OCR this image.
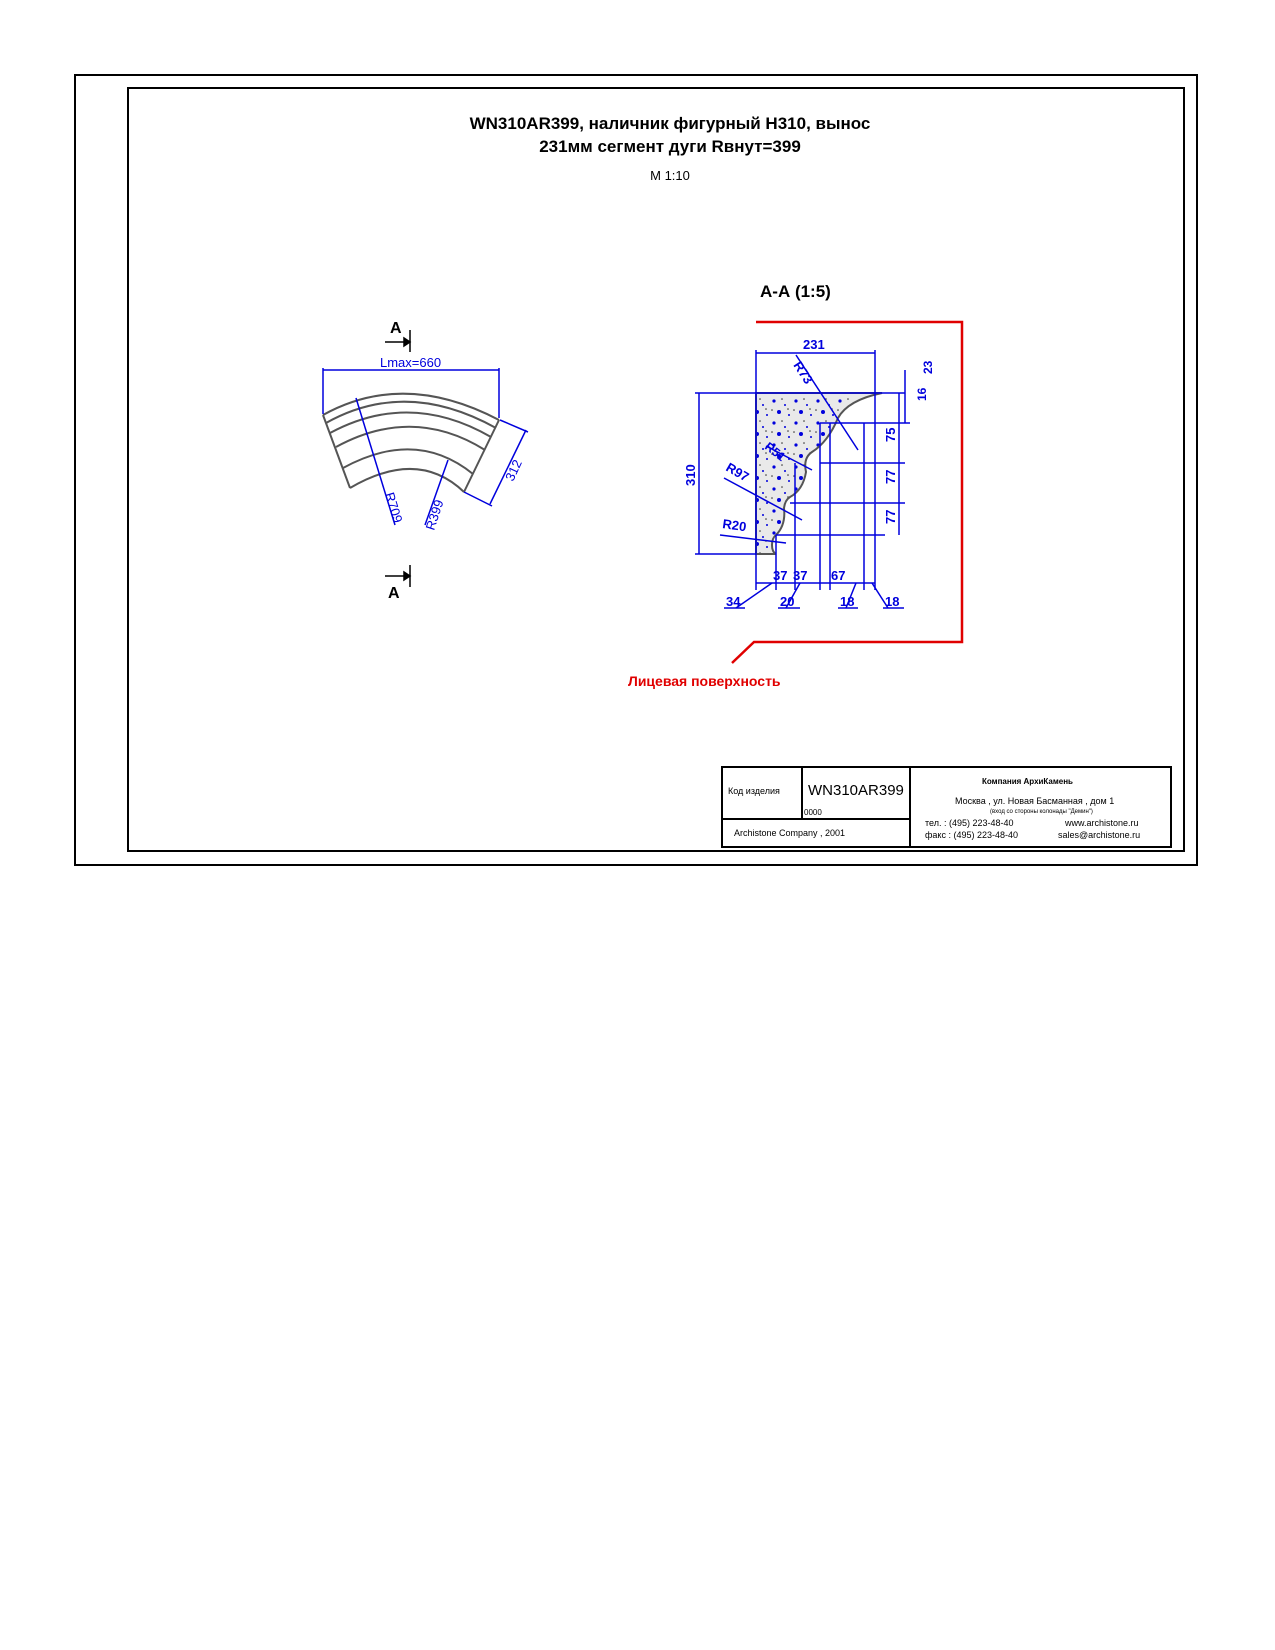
WN310AR399, наличник фигурный Н310, вынос
231мм сегмент дуги Rвнут=399
М 1:10
А-А (1:5)
А
А
Lmax=660
312
R709 R399
231
310
R73
R51
R97
R20
16
23
75
77
77
37 37 67
34	20	18 18
Лицевая поверхность
Код изделия WN310AR399
0000
Archistone Company , 2001
Компания АрхиКамень
Москва , ул. Новая Басманная , дом 1
(вход со стороны колонады "Демин")
тел. : (495) 223-48-40
факс : (495) 223-48-40
www.archistone.ru
sales@archistone.ru
